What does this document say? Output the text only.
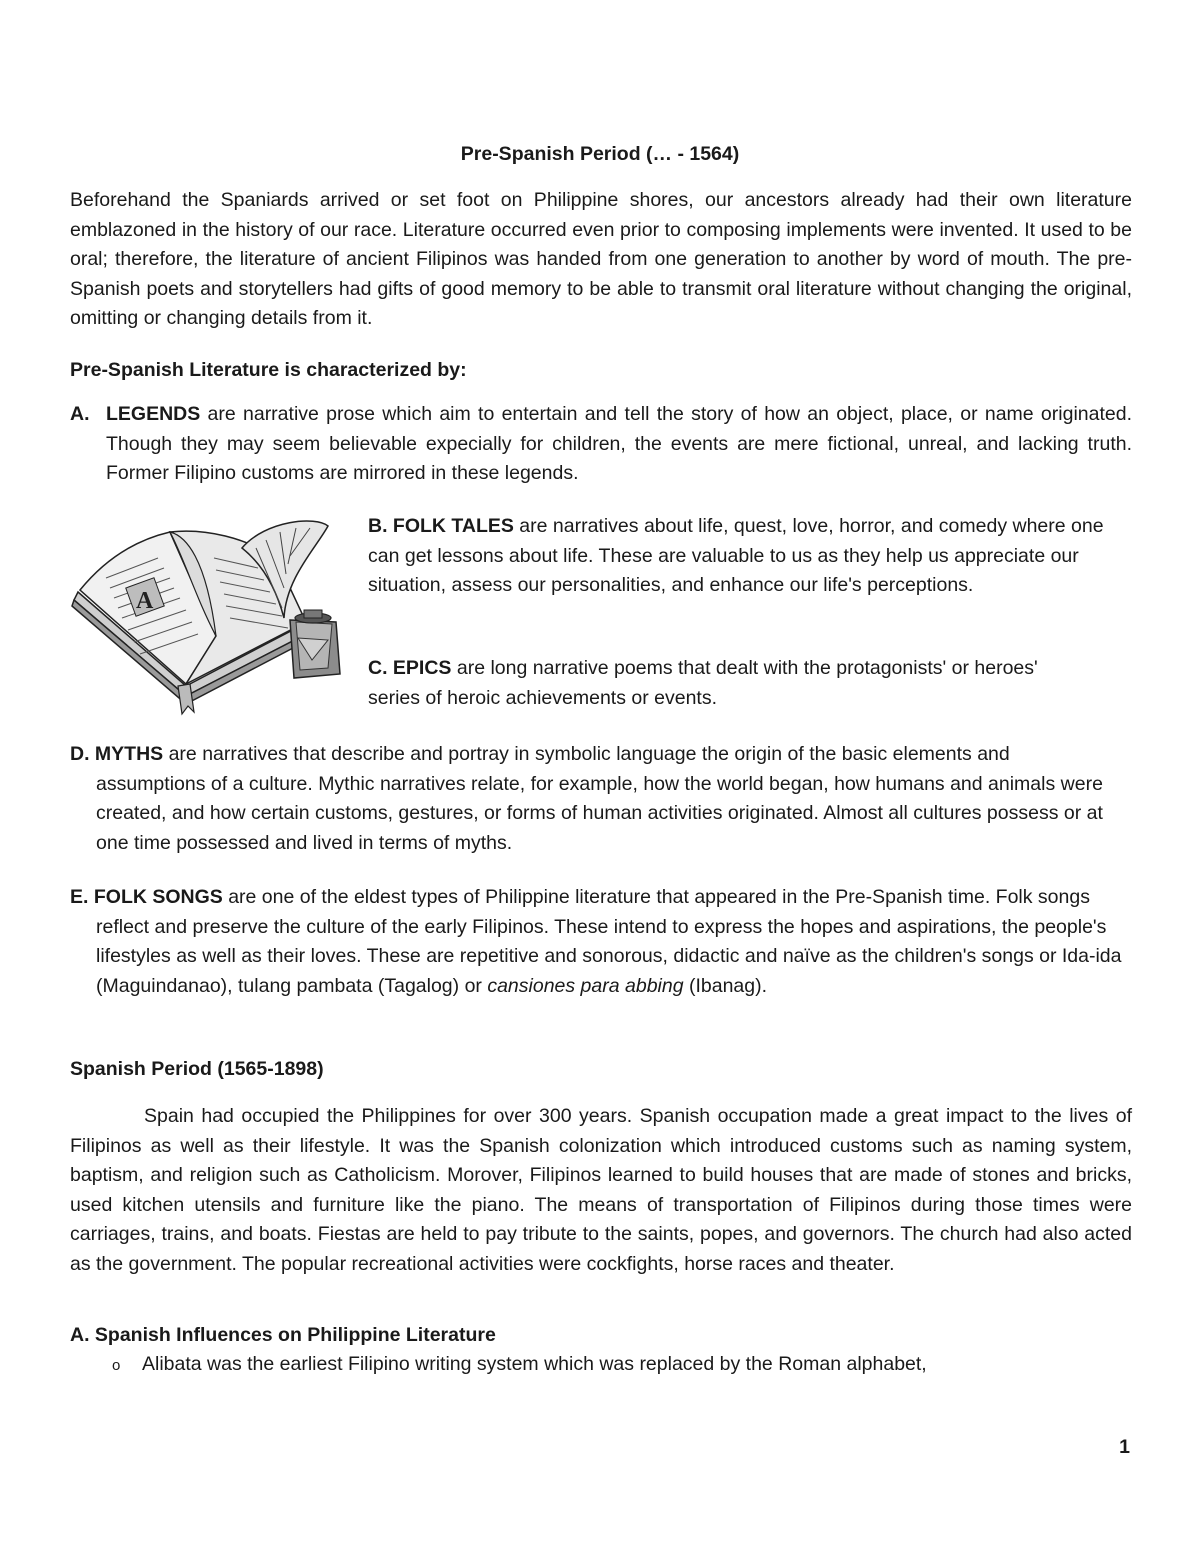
Pre-Spanish Period (… - 1564)
Beforehand the Spaniards arrived or set foot on Philippine shores, our ancestors already had their own literature emblazoned in the history of our race. Literature occurred even prior to composing implements were invented. It used to be oral; therefore, the literature of ancient Filipinos was handed from one generation to another by word of mouth. The pre-Spanish poets and storytellers had gifts of good memory to be able to transmit oral literature without changing the original, omitting or changing details from it.
Pre-Spanish Literature is characterized by:
A. LEGENDS are narrative prose which aim to entertain and tell the story of how an object, place, or name originated. Though they may seem believable expecially for children, the events are mere fictional, unreal, and lacking truth. Former Filipino customs are mirrored in these legends.
A
B. FOLK TALES are narratives about life, quest, love, horror, and comedy where one can get lessons about life. These are valuable to us as they help us appreciate our situation, assess our personalities, and enhance our life's perceptions.
C. EPICS are long narrative poems that dealt with the protagonists' or heroes' series of heroic achievements or events.
D. MYTHS are narratives that describe and portray in symbolic language the origin of the basic elements and assumptions of a culture. Mythic narratives relate, for example, how the world began, how humans and animals were created, and how certain customs, gestures, or forms of human activities originated. Almost all cultures possess or at one time possessed and lived in terms of myths.
E. FOLK SONGS are one of the eldest types of Philippine literature that appeared in the Pre-Spanish time. Folk songs reflect and preserve the culture of the early Filipinos. These intend to express the hopes and aspirations, the people's lifestyles as well as their loves. These are repetitive and sonorous, didactic and naïve as the children's songs or Ida-ida (Maguindanao), tulang pambata (Tagalog) or cansiones para abbing (Ibanag).
Spanish Period (1565-1898)
Spain had occupied the Philippines for over 300 years. Spanish occupation made a great impact to the lives of Filipinos as well as their lifestyle. It was the Spanish colonization which introduced customs such as naming system, baptism, and religion such as Catholicism. Morover, Filipinos learned to build houses that are made of stones and bricks, used kitchen utensils and furniture like the piano. The means of transportation of Filipinos during those times were carriages, trains, and boats. Fiestas are held to pay tribute to the saints, popes, and governors. The church had also acted as the government. The popular recreational activities were cockfights, horse races and theater.
A. Spanish Influences on Philippine Literature
o Alibata was the earliest Filipino writing system which was replaced by the Roman alphabet,
1
